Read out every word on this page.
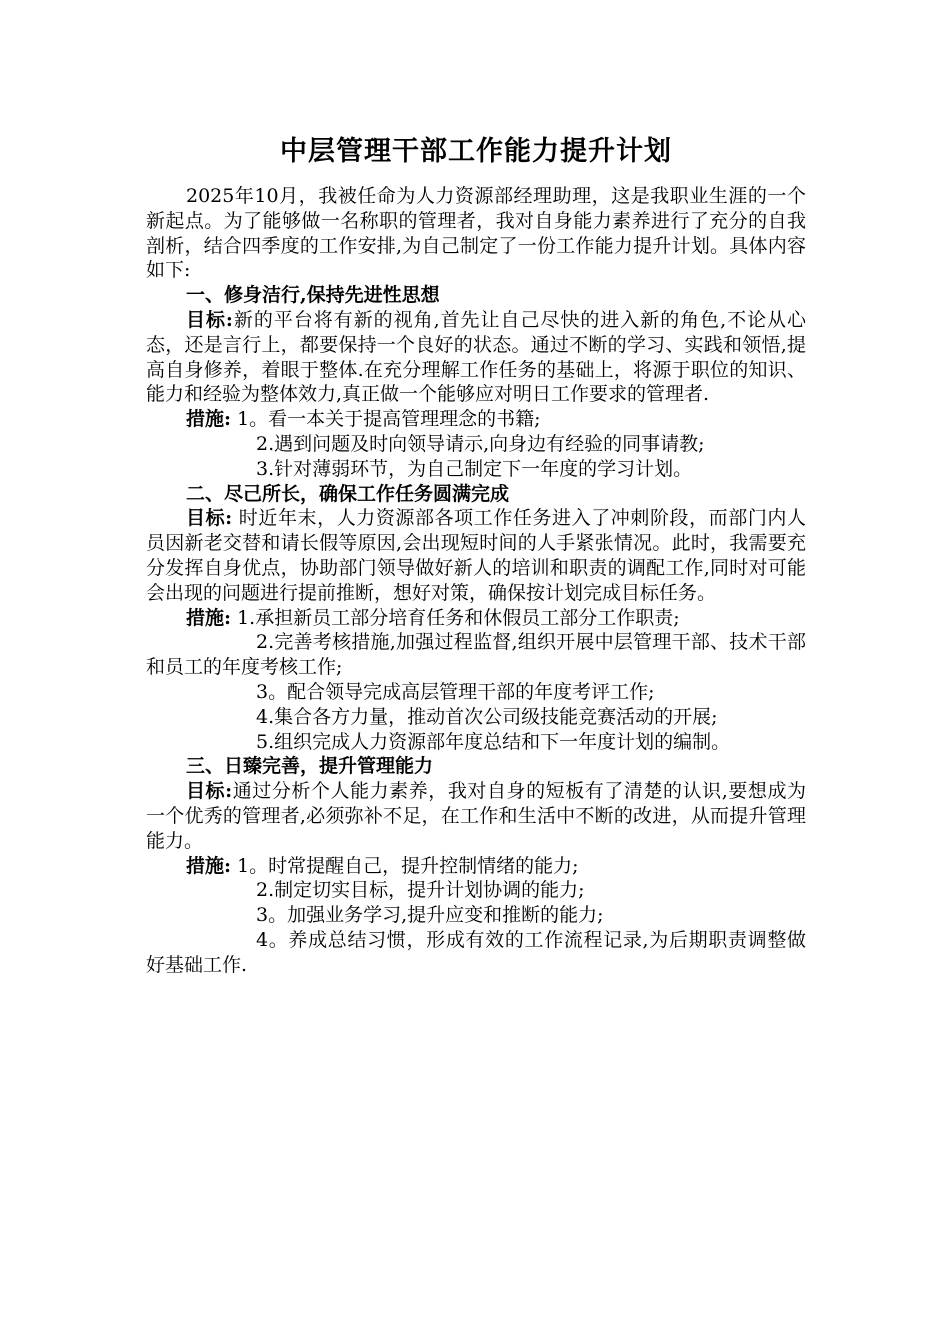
中层管理干部工作能力提升计划

2025年10月，我被任命为人力资源部经理助理，这是我职业生涯的一个新起点。为了能够做一名称职的管理者，我对自身能力素养进行了充分的自我剖析，结合四季度的工作安排,为自己制定了一份工作能力提升计划。具体内容如下:

一、修身洁行,保持先进性思想

目标:新的平台将有新的视角,首先让自己尽快的进入新的角色,不论从心态，还是言行上，都要保持一个良好的状态。通过不断的学习、实践和领悟,提高自身修养，着眼于整体.在充分理解工作任务的基础上，将源于职位的知识、能力和经验为整体效力,真正做一个能够应对明日工作要求的管理者.

措施: 1。看一本关于提高管理理念的书籍;

2.遇到问题及时向领导请示,向身边有经验的同事请教;

3.针对薄弱环节，为自己制定下一年度的学习计划。

二、尽己所长，确保工作任务圆满完成

目标: 时近年末，人力资源部各项工作任务进入了冲刺阶段，而部门内人员因新老交替和请长假等原因,会出现短时间的人手紧张情况。此时，我需要充分发挥自身优点，协助部门领导做好新人的培训和职责的调配工作,同时对可能会出现的问题进行提前推断，想好对策，确保按计划完成目标任务。

措施: 1.承担新员工部分培育任务和休假员工部分工作职责;

2.完善考核措施,加强过程监督,组织开展中层管理干部、技术干部和员工的年度考核工作;

3。配合领导完成高层管理干部的年度考评工作;

4.集合各方力量，推动首次公司级技能竞赛活动的开展;

5.组织完成人力资源部年度总结和下一年度计划的编制。

三、日臻完善，提升管理能力

目标:通过分析个人能力素养，我对自身的短板有了清楚的认识,要想成为一个优秀的管理者,必须弥补不足，在工作和生活中不断的改进，从而提升管理能力。

措施: 1。时常提醒自己，提升控制情绪的能力;

2.制定切实目标，提升计划协调的能力;

3。加强业务学习,提升应变和推断的能力;

4。养成总结习惯，形成有效的工作流程记录,为后期职责调整做好基础工作.
